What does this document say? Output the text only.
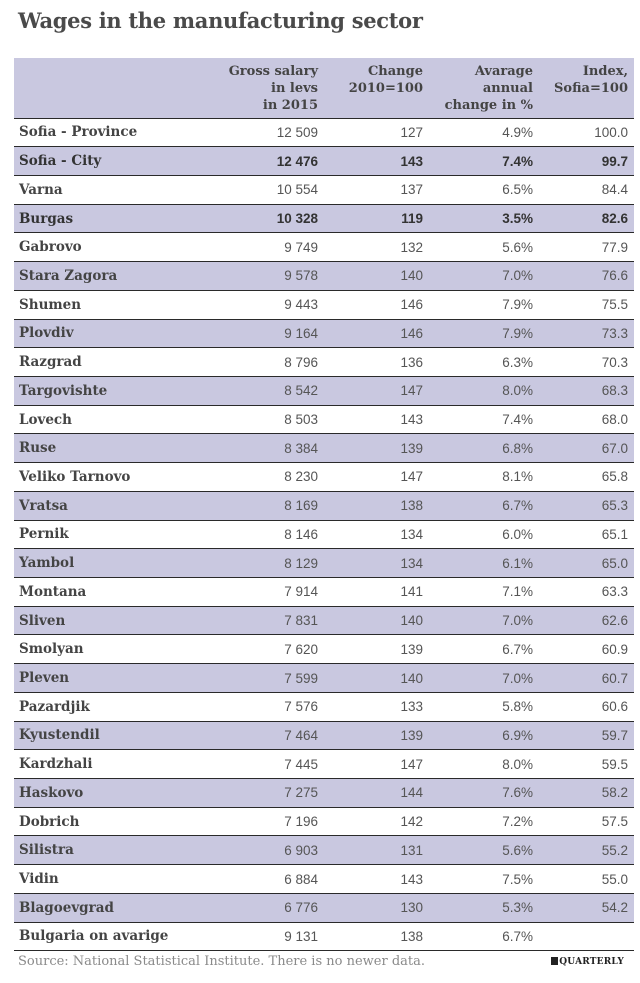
Wages in the manufacturing sector
	Gross salary
in levs
in 2015	Change
2010=100	Avarage
annual
change in %	Index,
Sofia=100
Sofia - Province	12 509	127	4.9%	100.0
Sofia - City	12 476	143	7.4%	99.7
Varna	10 554	137	6.5%	84.4
Burgas	10 328	119	3.5%	82.6
Gabrovo	9 749	132	5.6%	77.9
Stara Zagora	9 578	140	7.0%	76.6
Shumen	9 443	146	7.9%	75.5
Plovdiv	9 164	146	7.9%	73.3
Razgrad	8 796	136	6.3%	70.3
Targovishte	8 542	147	8.0%	68.3
Lovech	8 503	143	7.4%	68.0
Ruse	8 384	139	6.8%	67.0
Veliko Tarnovo	8 230	147	8.1%	65.8
Vratsa	8 169	138	6.7%	65.3
Pernik	8 146	134	6.0%	65.1
Yambol	8 129	134	6.1%	65.0
Montana	7 914	141	7.1%	63.3
Sliven	7 831	140	7.0%	62.6
Smolyan	7 620	139	6.7%	60.9
Pleven	7 599	140	7.0%	60.7
Pazardjik	7 576	133	5.8%	60.6
Kyustendil	7 464	139	6.9%	59.7
Kardzhali	7 445	147	8.0%	59.5
Haskovo	7 275	144	7.6%	58.2
Dobrich	7 196	142	7.2%	57.5
Silistra	6 903	131	5.6%	55.2
Vidin	6 884	143	7.5%	55.0
Blagoevgrad	6 776	130	5.3%	54.2
Bulgaria on avarige	9 131	138	6.7%	
Source: National Statistical Institute. There is no newer data.	QUARTERLY
